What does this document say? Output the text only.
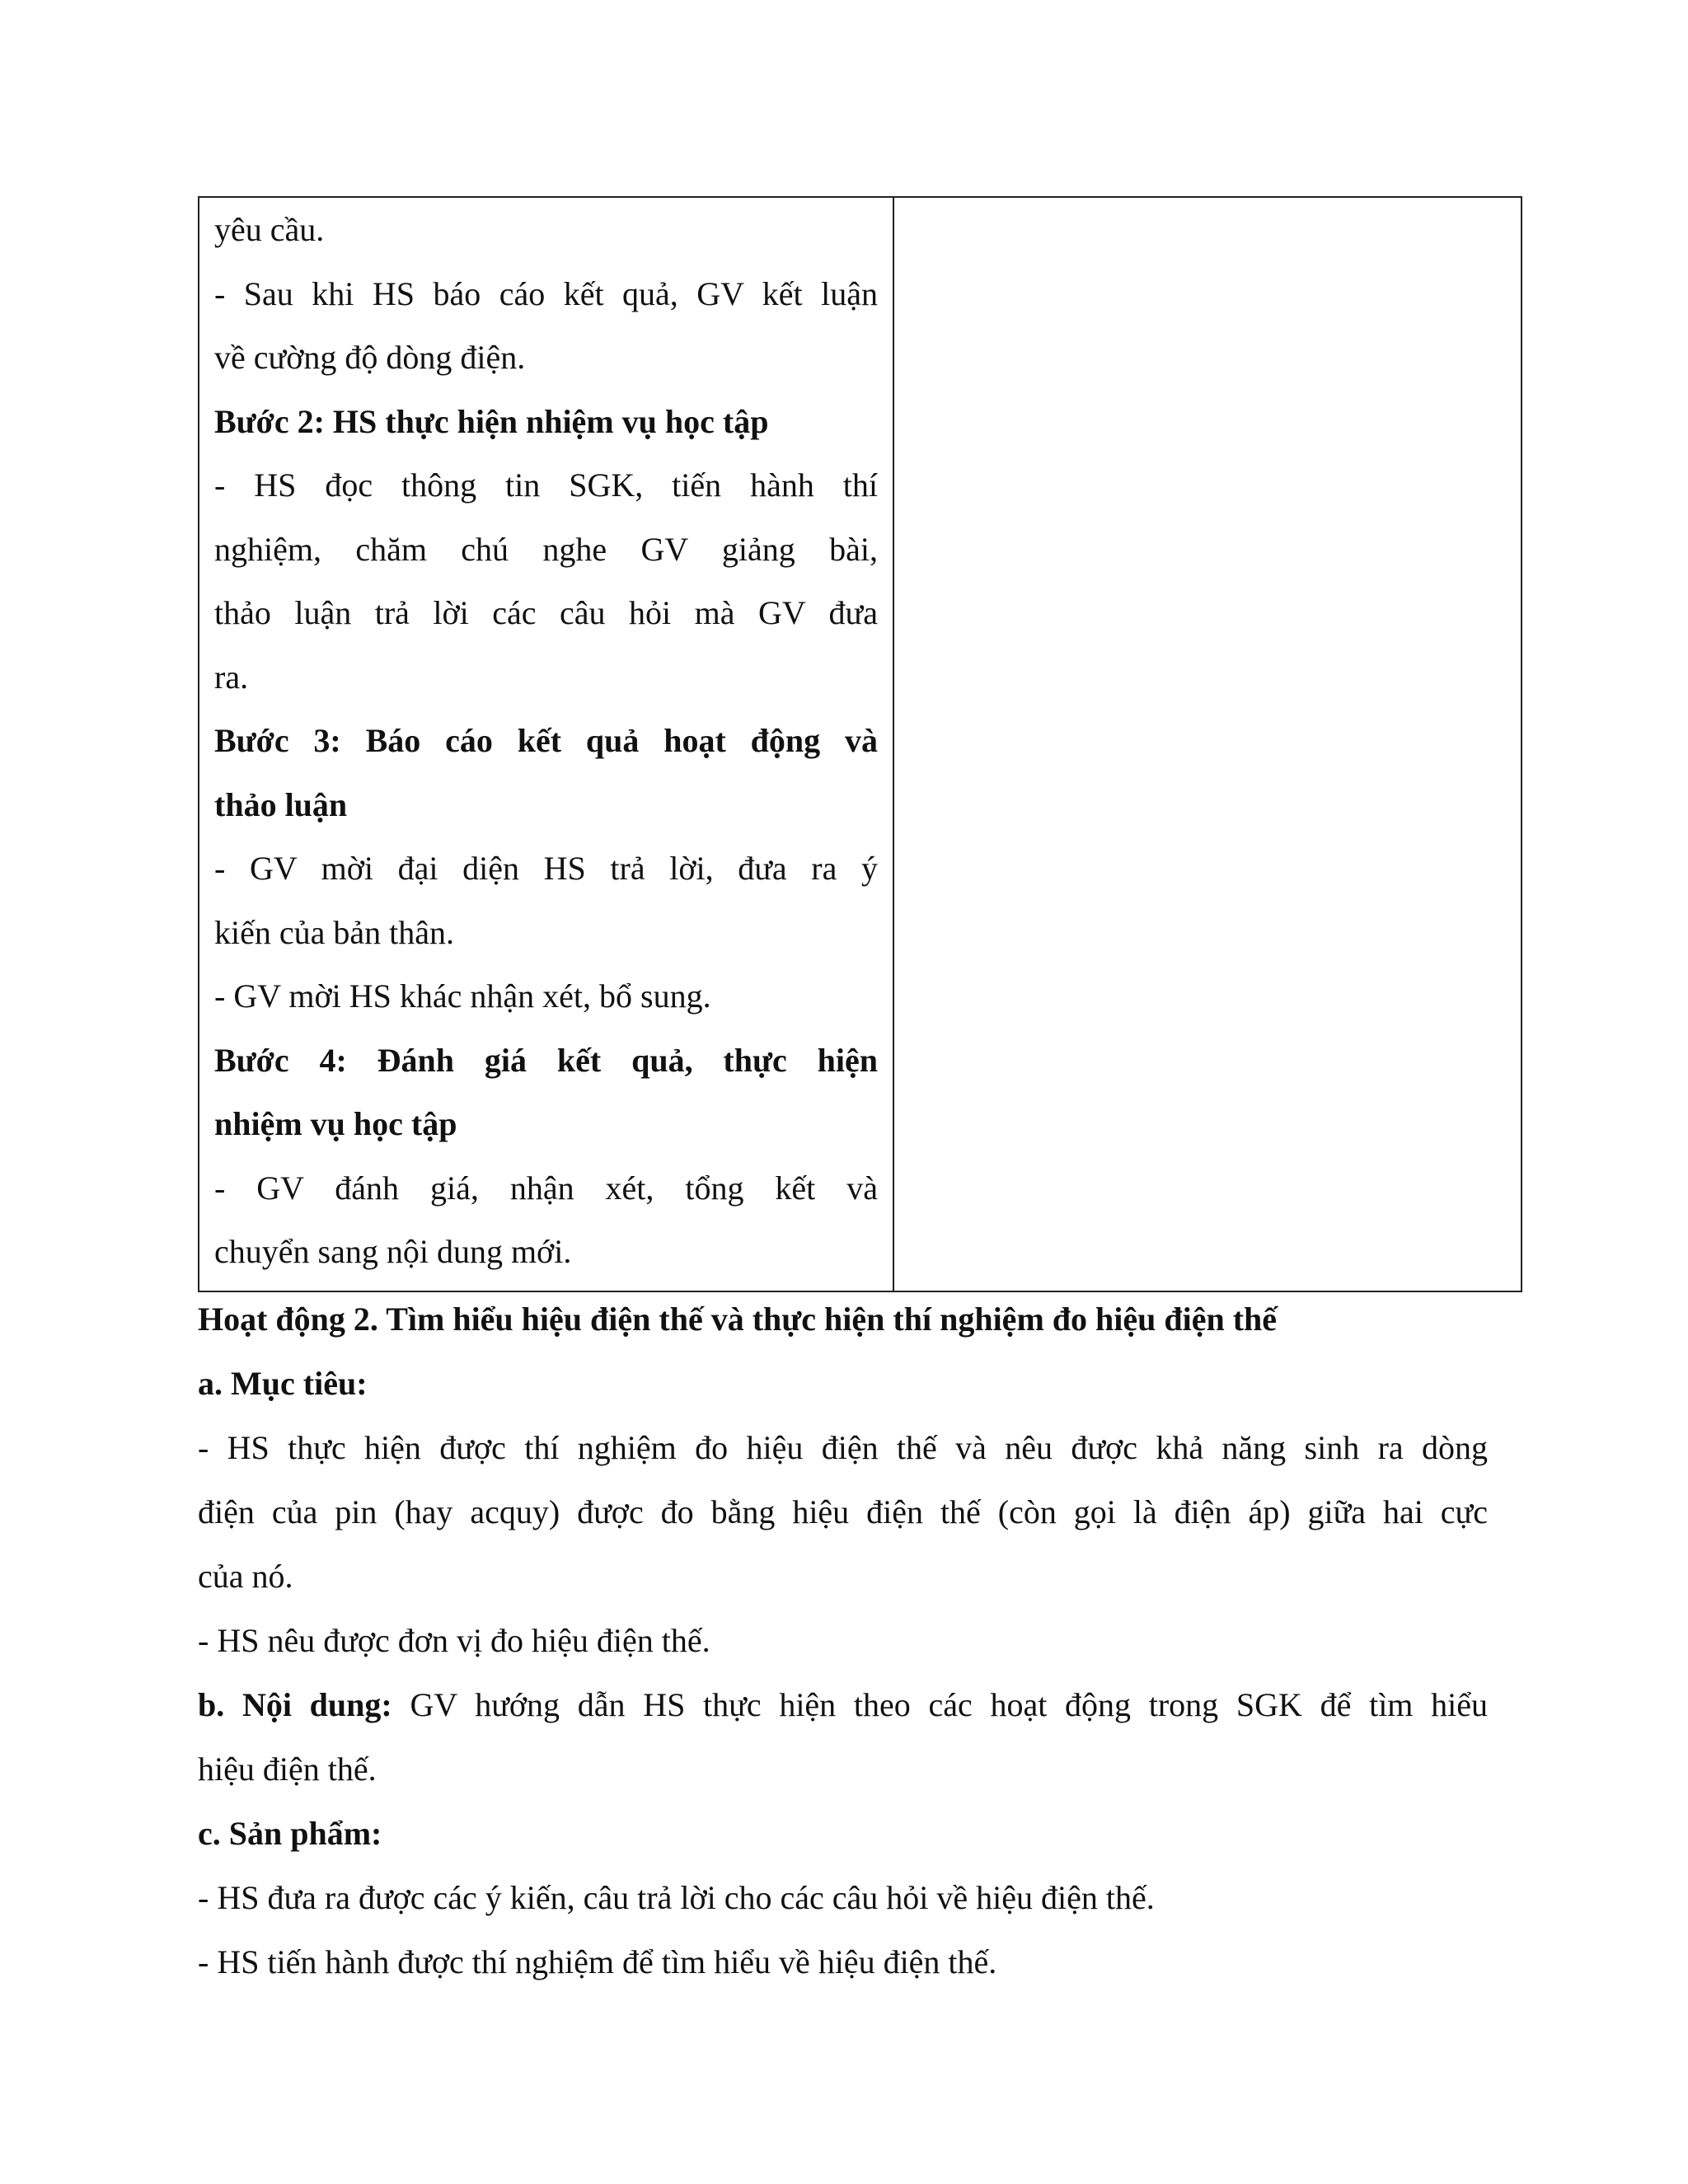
yêu cầu.
- Sau khi HS báo cáo kết quả, GV kết luận
về cường độ dòng điện.
Bước 2: HS thực hiện nhiệm vụ học tập
- HS đọc thông tin SGK, tiến hành thí
nghiệm, chăm chú nghe GV giảng bài,
thảo luận trả lời các câu hỏi mà GV đưa
ra.
Bước 3: Báo cáo kết quả hoạt động và
thảo luận
- GV mời đại diện HS trả lời, đưa ra ý
kiến của bản thân.
- GV mời HS khác nhận xét, bổ sung.
Bước 4: Đánh giá kết quả, thực hiện
nhiệm vụ học tập
- GV đánh giá, nhận xét, tổng kết và
chuyển sang nội dung mới.

Hoạt động 2. Tìm hiểu hiệu điện thế và thực hiện thí nghiệm đo hiệu điện thế
a. Mục tiêu:
- HS thực hiện được thí nghiệm đo hiệu điện thế và nêu được khả năng sinh ra dòng
điện của pin (hay acquy) được đo bằng hiệu điện thế (còn gọi là điện áp) giữa hai cực
của nó.
- HS nêu được đơn vị đo hiệu điện thế.
b. Nội dung: GV hướng dẫn HS thực hiện theo các hoạt động trong SGK để tìm hiểu
hiệu điện thế.
c. Sản phẩm:
- HS đưa ra được các ý kiến, câu trả lời cho các câu hỏi về hiệu điện thế.
- HS tiến hành được thí nghiệm để tìm hiểu về hiệu điện thế.
